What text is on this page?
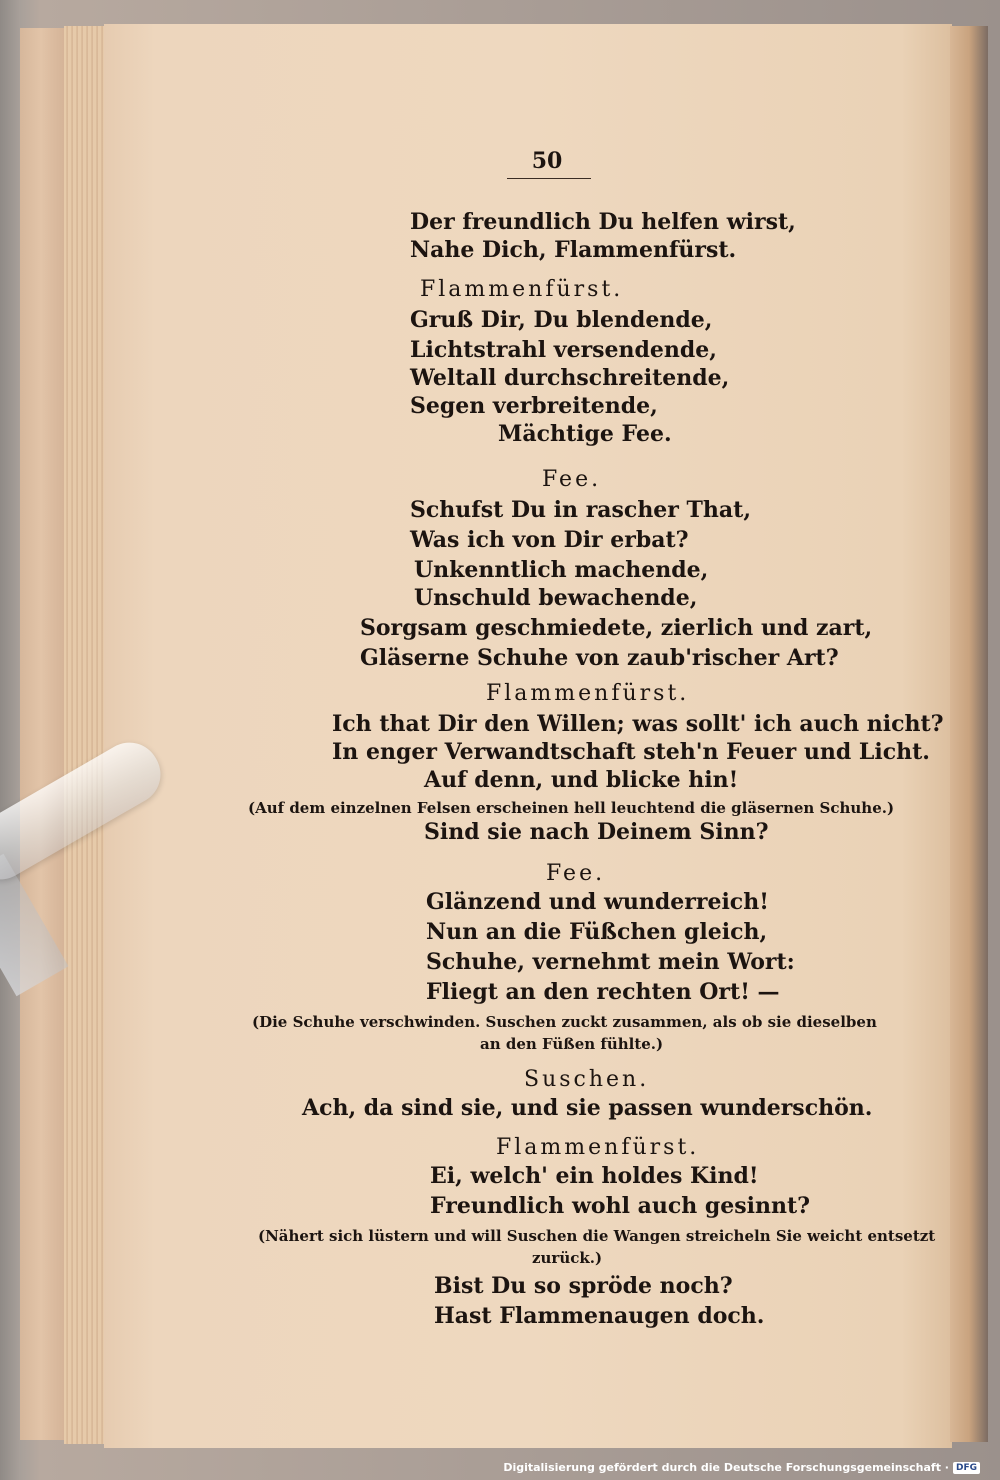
50
Der freundlich Du helfen wirst,
Nahe Dich, Flammenfürst.
Flammenfürst.
Gruß Dir, Du blendende,
Lichtstrahl versendende,
Weltall durchschreitende,
Segen verbreitende,
Mächtige Fee.
Fee.
Schufst Du in rascher That,
Was ich von Dir erbat?
Unkenntlich machende,
Unschuld bewachende,
Sorgsam geschmiedete, zierlich und zart,
Gläserne Schuhe von zaub'rischer Art?
Flammenfürst.
Ich that Dir den Willen; was sollt' ich auch nicht?
In enger Verwandtschaft steh'n Feuer und Licht.
Auf denn, und blicke hin!
(Auf dem einzelnen Felsen erscheinen hell leuchtend die gläsernen Schuhe.)
Sind sie nach Deinem Sinn?
Fee.
Glänzend und wunderreich!
Nun an die Füßchen gleich,
Schuhe, vernehmt mein Wort:
Fliegt an den rechten Ort! —
(Die Schuhe verschwinden. Suschen zuckt zusammen, als ob sie dieselben
an den Füßen fühlte.)
Suschen.
Ach, da sind sie, und sie passen wunderschön.
Flammenfürst.
Ei, welch' ein holdes Kind!
Freundlich wohl auch gesinnt?
(Nähert sich lüstern und will Suschen die Wangen streicheln Sie weicht entsetzt
zurück.)
Bist Du so spröde noch?
Hast Flammenaugen doch.
Digitalisierung gefördert durch die Deutsche Forschungsgemeinschaft · DFG
